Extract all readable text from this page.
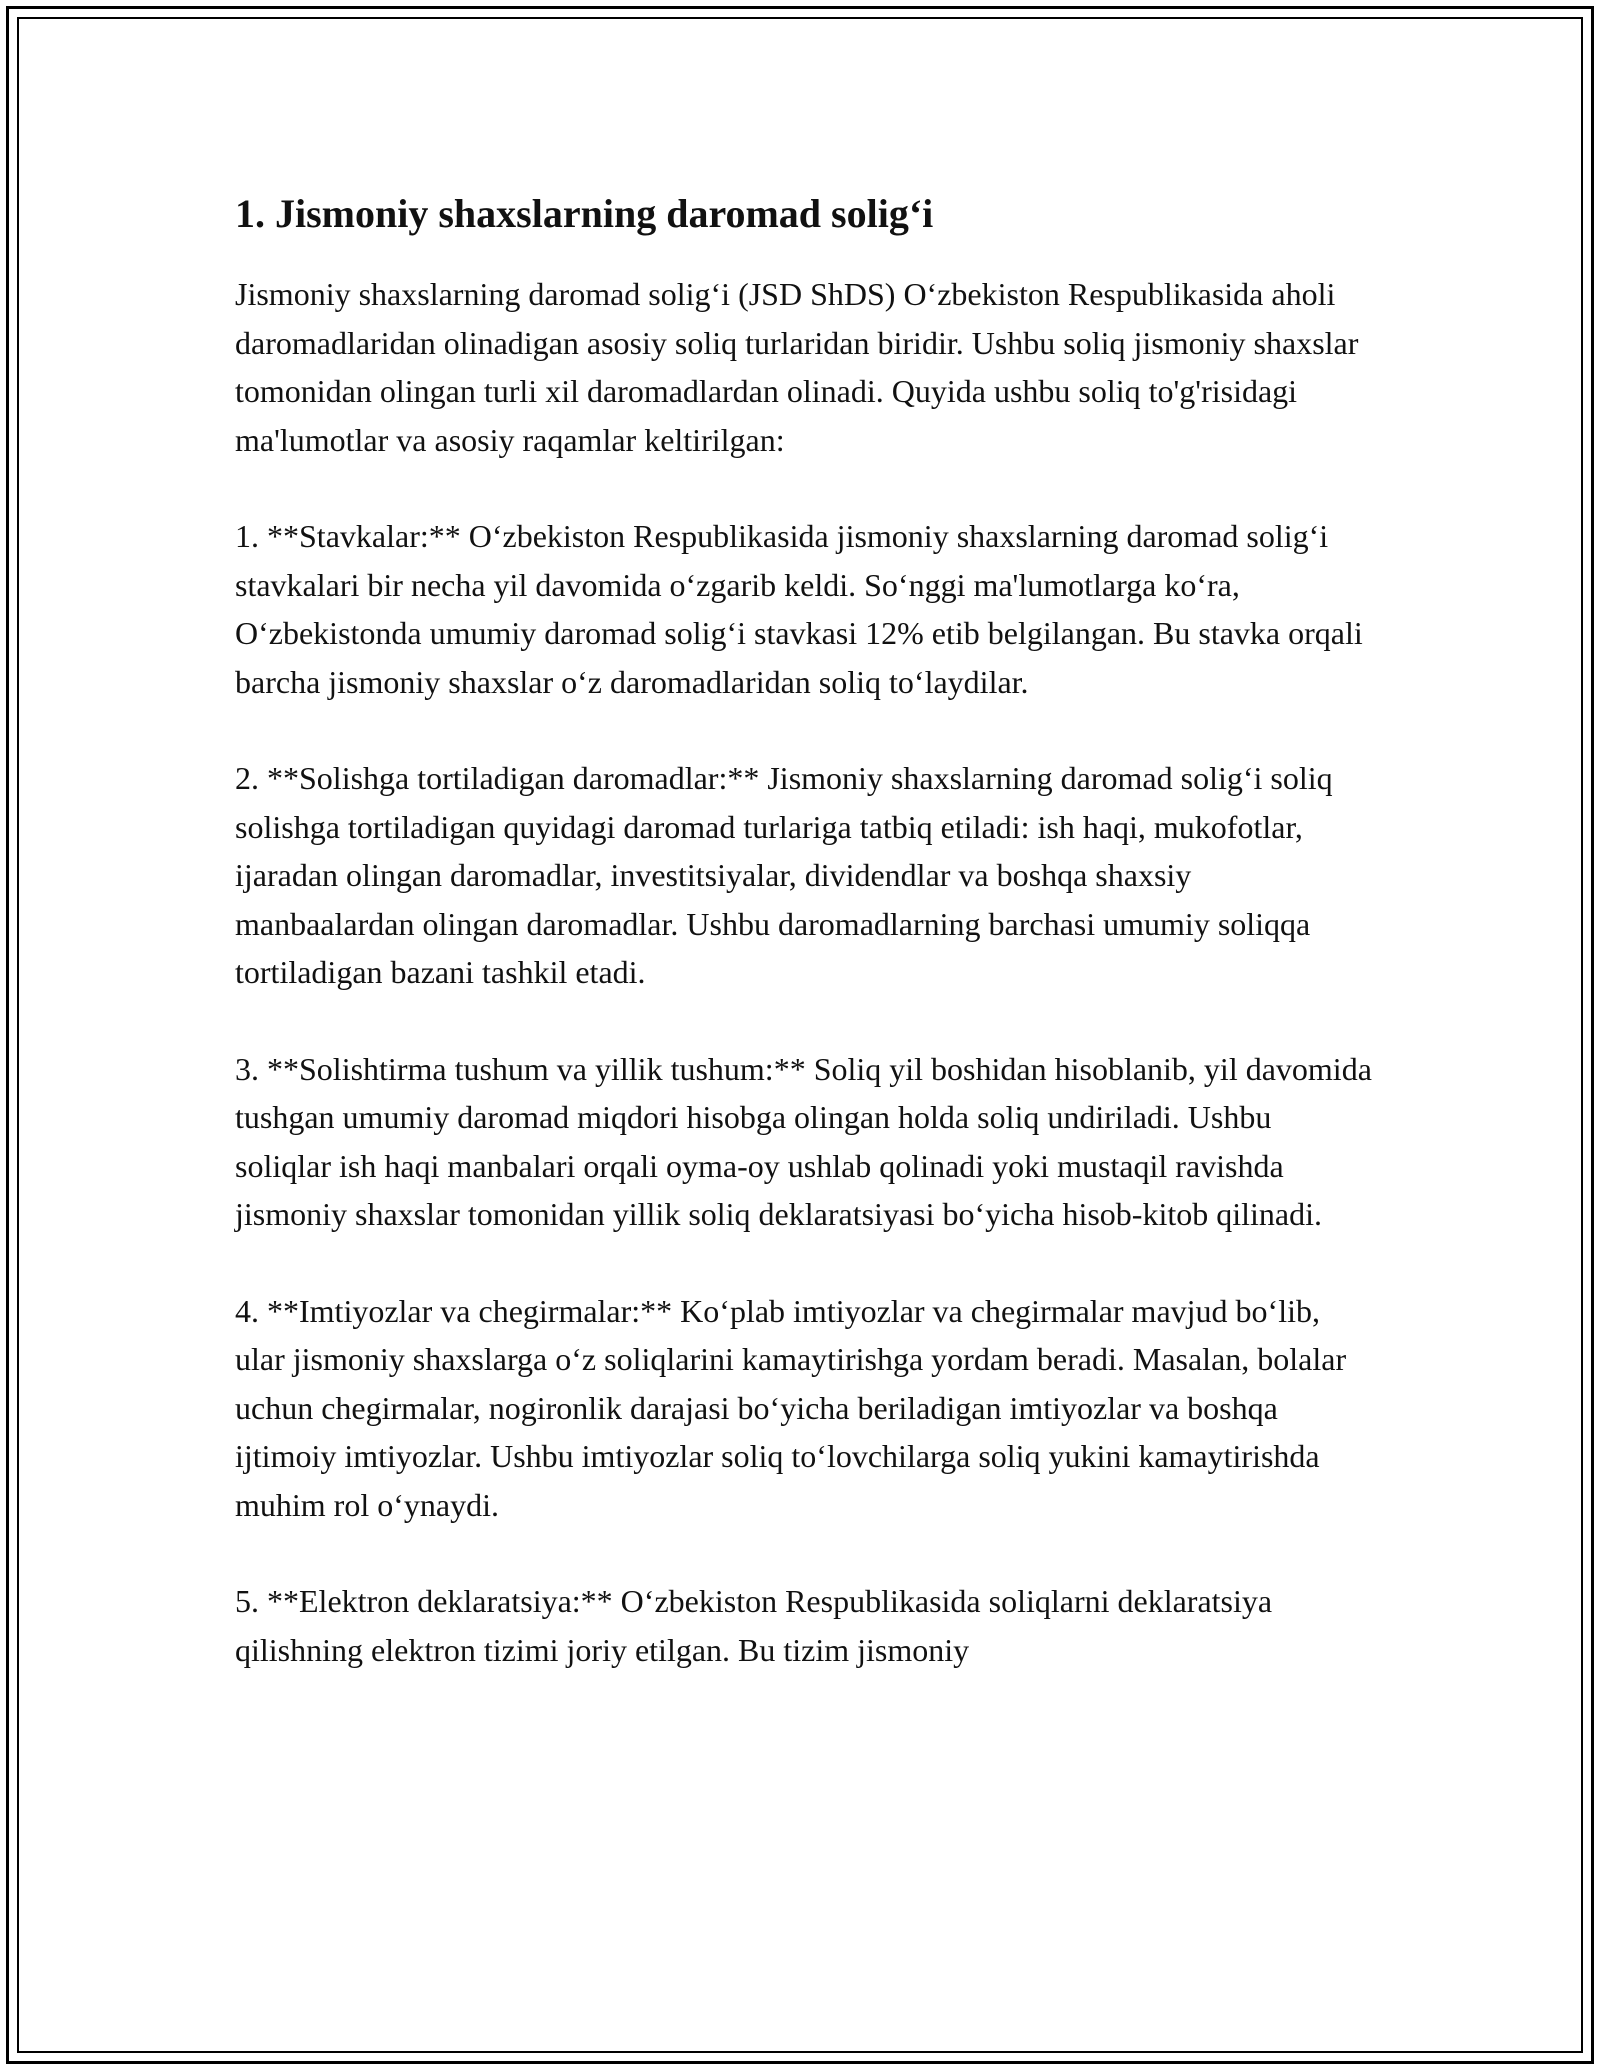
1. Jismoniy shaxslarning daromad solig‘i

Jismoniy shaxslarning daromad solig‘i (JSD ShDS) O‘zbekiston Respublikasida aholi daromadlaridan olinadigan asosiy soliq turlaridan biridir. Ushbu soliq jismoniy shaxslar tomonidan olingan turli xil daromadlardan olinadi. Quyida ushbu soliq to'g'risidagi ma'lumotlar va asosiy raqamlar keltirilgan:

1. **Stavkalar:** O‘zbekiston Respublikasida jismoniy shaxslarning daromad solig‘i stavkalari bir necha yil davomida o‘zgarib keldi. So‘nggi ma'lumotlarga ko‘ra, O‘zbekistonda umumiy daromad solig‘i stavkasi 12% etib belgilangan. Bu stavka orqali barcha jismoniy shaxslar o‘z daromadlaridan soliq to‘laydilar.

2. **Solishga tortiladigan daromadlar:** Jismoniy shaxslarning daromad solig‘i soliq solishga tortiladigan quyidagi daromad turlariga tatbiq etiladi: ish haqi, mukofotlar, ijaradan olingan daromadlar, investitsiyalar, dividendlar va boshqa shaxsiy manbaalardan olingan daromadlar. Ushbu daromadlarning barchasi umumiy soliqqa tortiladigan bazani tashkil etadi.

3. **Solishtirma tushum va yillik tushum:** Soliq yil boshidan hisoblanib, yil davomida tushgan umumiy daromad miqdori hisobga olingan holda soliq undiriladi. Ushbu soliqlar ish haqi manbalari orqali oyma-oy ushlab qolinadi yoki mustaqil ravishda jismoniy shaxslar tomonidan yillik soliq deklaratsiyasi bo‘yicha hisob-kitob qilinadi.

4. **Imtiyozlar va chegirmalar:** Ko‘plab imtiyozlar va chegirmalar mavjud bo‘lib, ular jismoniy shaxslarga o‘z soliqlarini kamaytirishga yordam beradi. Masalan, bolalar uchun chegirmalar, nogironlik darajasi bo‘yicha beriladigan imtiyozlar va boshqa ijtimoiy imtiyozlar. Ushbu imtiyozlar soliq to‘lovchilarga soliq yukini kamaytirishda muhim rol o‘ynaydi.

5. **Elektron deklaratsiya:** O‘zbekiston Respublikasida soliqlarni deklaratsiya qilishning elektron tizimi joriy etilgan. Bu tizim jismoniy
